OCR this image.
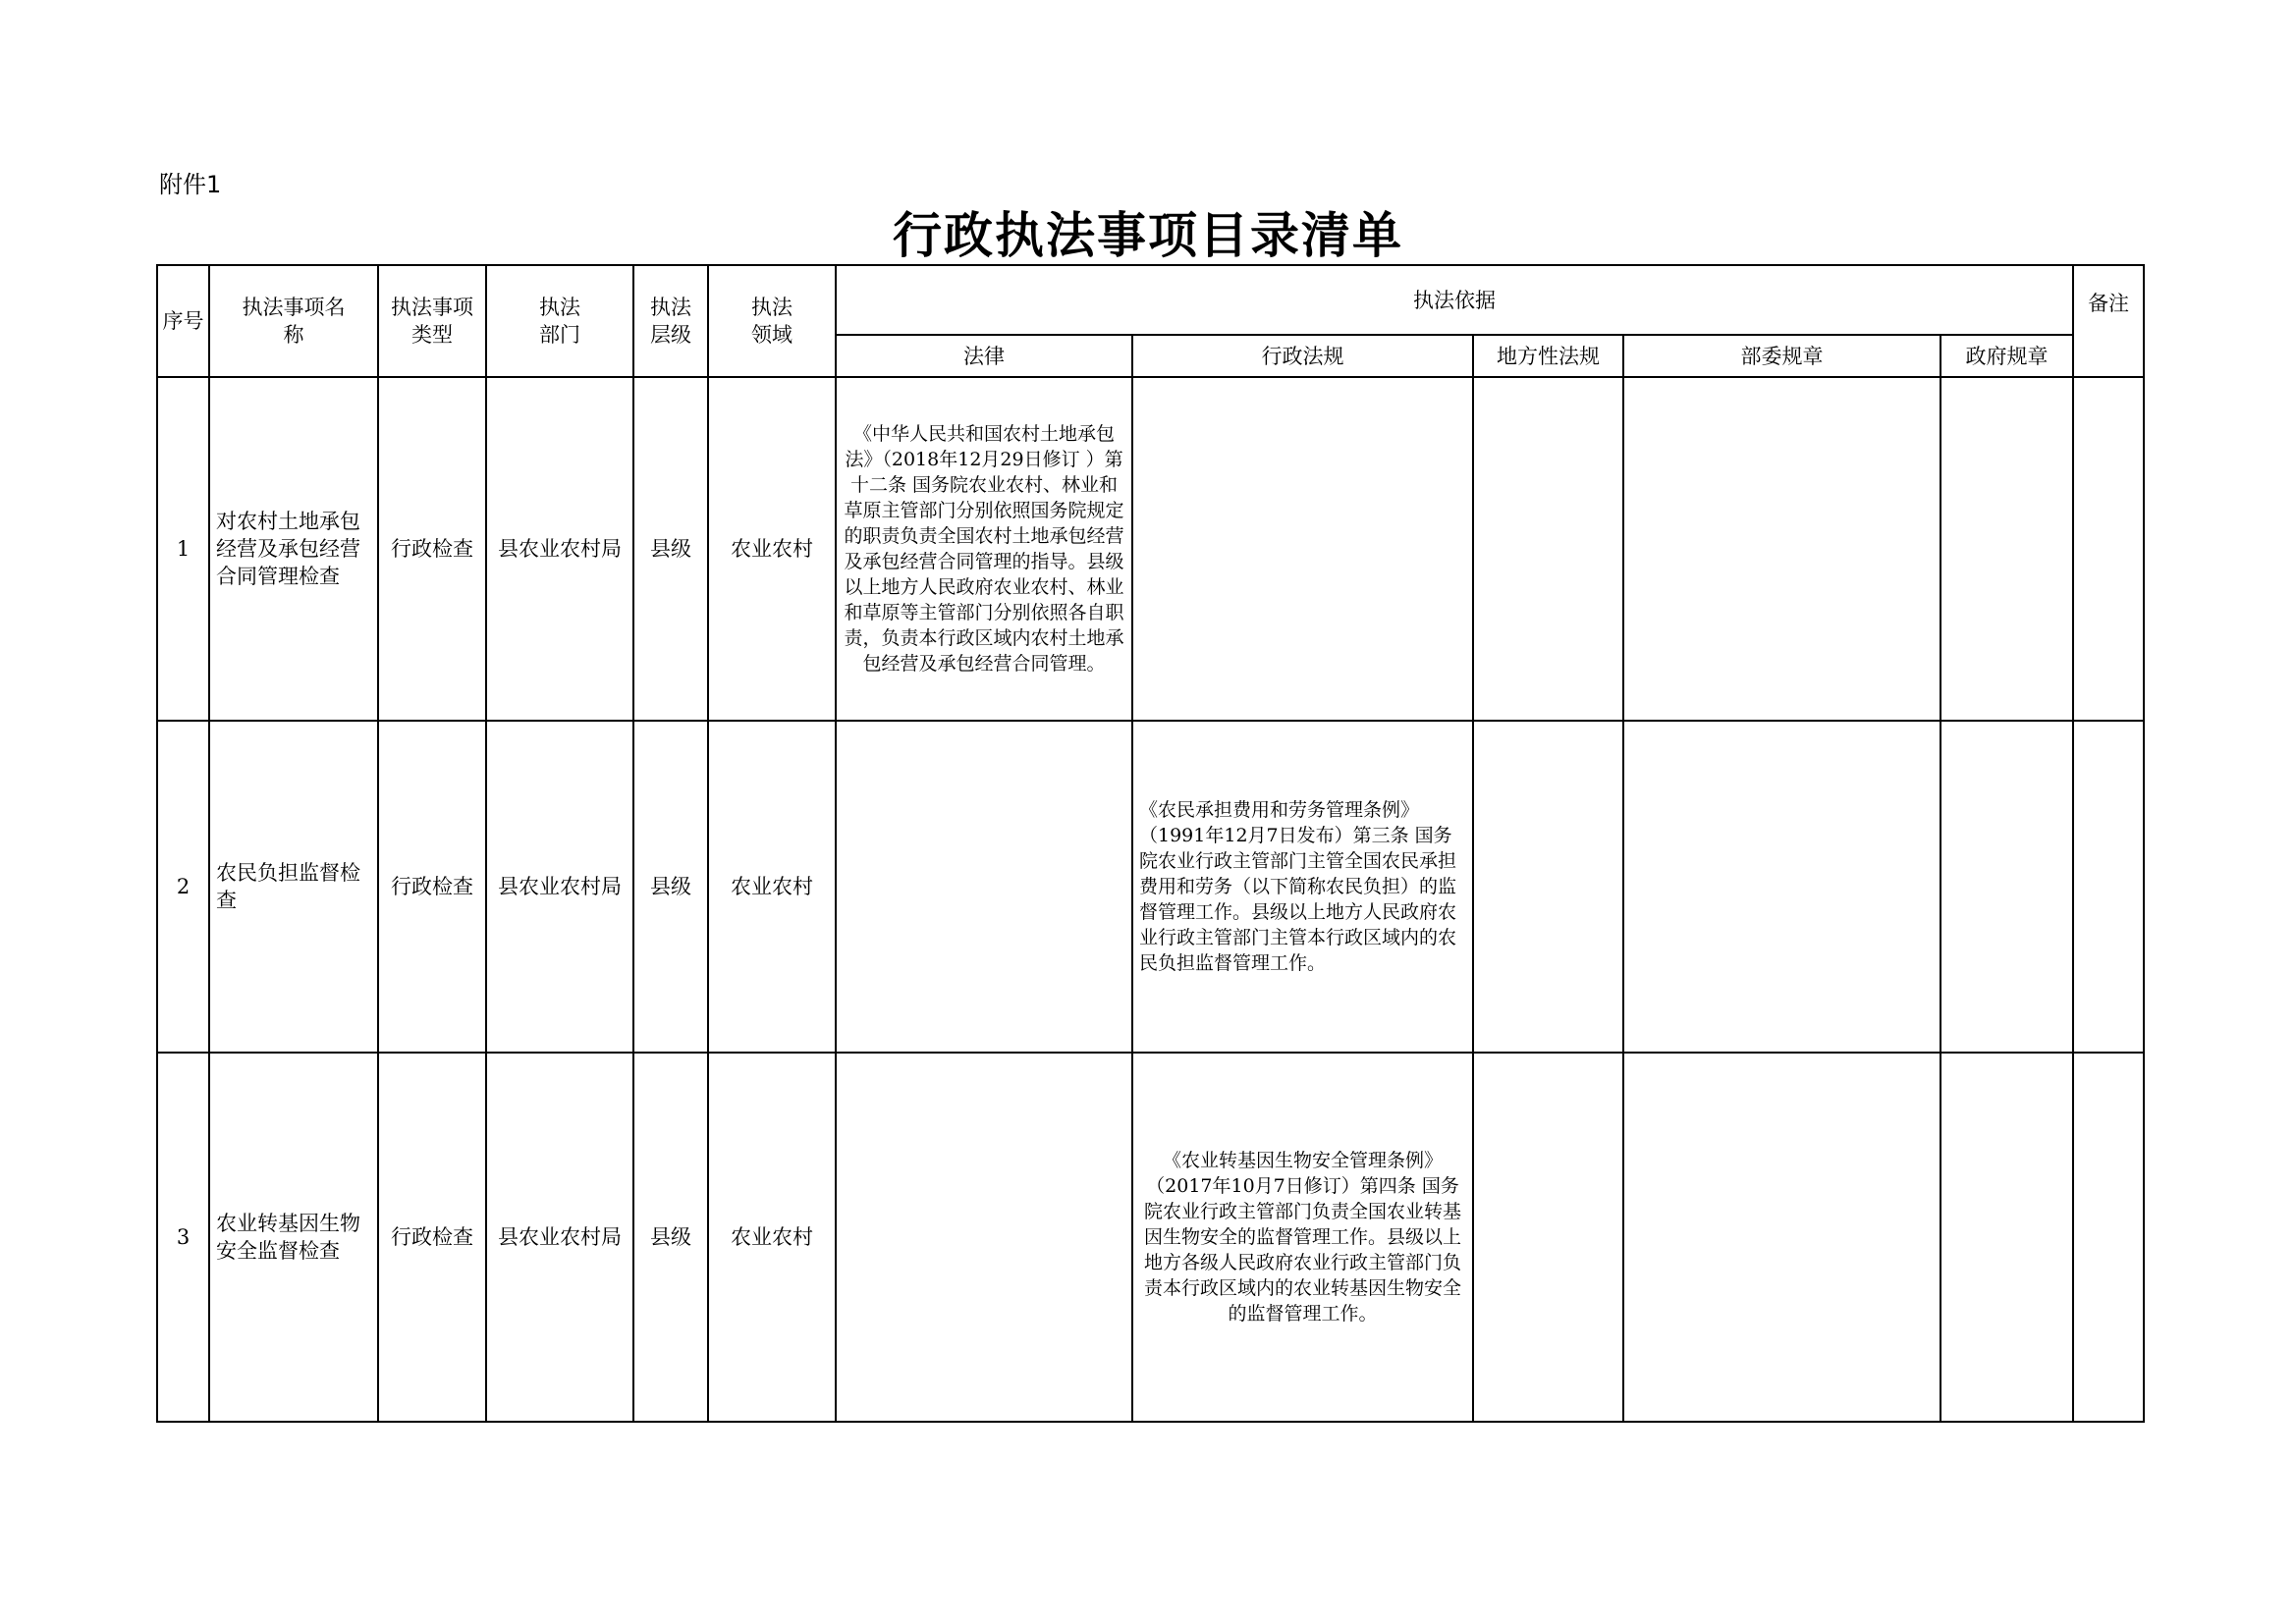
附件1
行政执法事项目录清单
序号	执法事项名称	执法事项类型	执法部门	执法层级	执法领域	执法依据					备注
						法律	行政法规	地方性法规	部委规章	政府规章	
1	对农村土地承包经营及承包经营合同管理检查	行政检查	县农业农村局	县级	农业农村	《中华人民共和国农村土地承包法》（2018年12月29日修订 ）第十二条 国务院农业农村、林业和草原主管部门分别依照国务院规定的职责负责全国农村土地承包经营及承包经营合同管理的指导。县级以上地方人民政府农业农村、林业和草原等主管部门分别依照各自职责，负责本行政区域内农村土地承包经营及承包经营合同管理。					
2	农民负担监督检查	行政检查	县农业农村局	县级	农业农村		《农民承担费用和劳务管理条例》（1991年12月7日发布）第三条 国务院农业行政主管部门主管全国农民承担费用和劳务（以下简称农民负担）的监督管理工作。县级以上地方人民政府农业行政主管部门主管本行政区域内的农民负担监督管理工作。				
3	农业转基因生物安全监督检查	行政检查	县农业农村局	县级	农业农村		《农业转基因生物安全管理条例》（2017年10月7日修订）第四条 国务院农业行政主管部门负责全国农业转基因生物安全的监督管理工作。县级以上地方各级人民政府农业行政主管部门负责本行政区域内的农业转基因生物安全的监督管理工作。				
